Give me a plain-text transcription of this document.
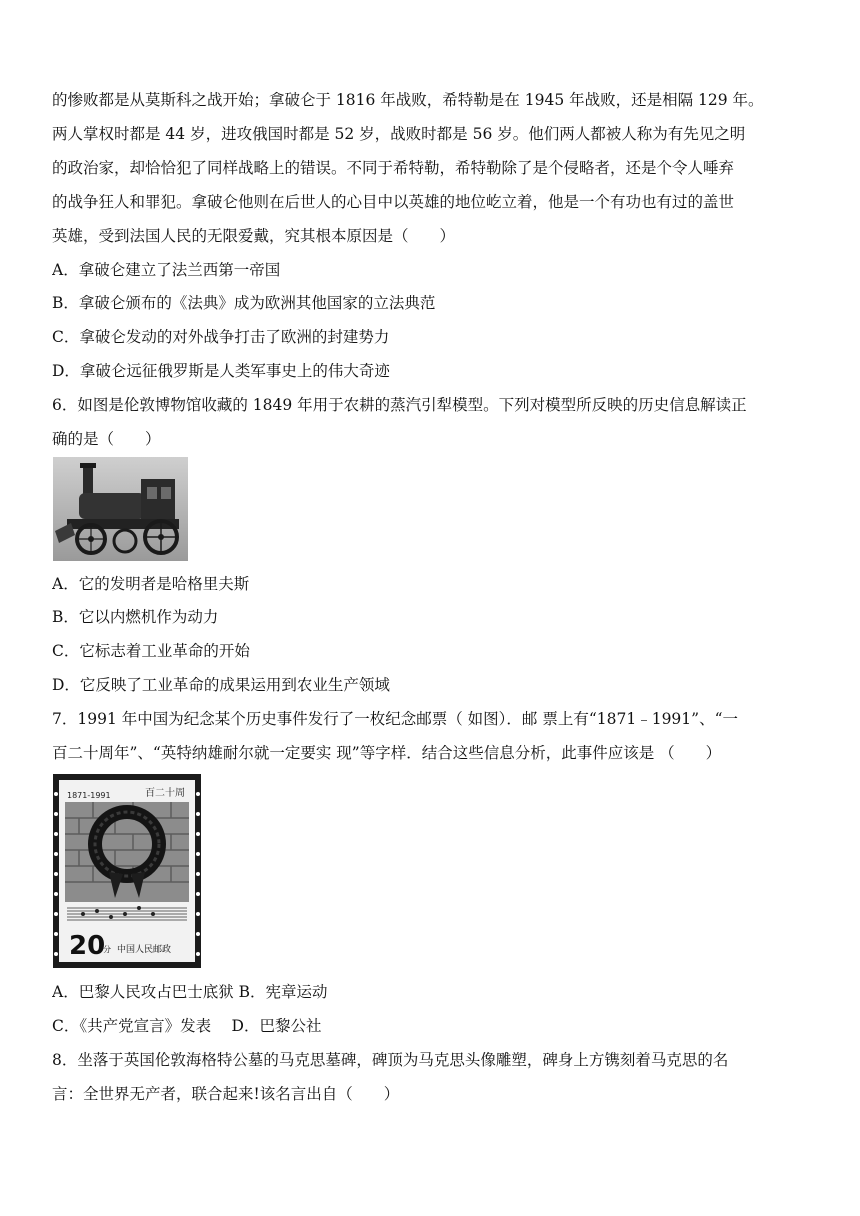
的惨败都是从莫斯科之战开始；拿破仑于 1816 年战败，希特勒是在 1945 年战败，还是相隔 129 年。
两人掌权时都是 44 岁，进攻俄国时都是 52 岁，战败时都是 56 岁。他们两人都被人称为有先见之明
的政治家，却恰恰犯了同样战略上的错误。不同于希特勒，希特勒除了是个侵略者，还是个令人唾弃
的战争狂人和罪犯。拿破仑他则在后世人的心目中以英雄的地位屹立着，他是一个有功也有过的盖世
英雄，受到法国人民的无限爱戴，究其根本原因是（　　）
A．拿破仑建立了法兰西第一帝国
B．拿破仑颁布的《法典》成为欧洲其他国家的立法典范
C．拿破仑发动的对外战争打击了欧洲的封建势力
D．拿破仑远征俄罗斯是人类军事史上的伟大奇迹
6．如图是伦敦博物馆收藏的 1849 年用于农耕的蒸汽引犁模型。下列对模型所反映的历史信息解读正
确的是（　　）
A．它的发明者是哈格里夫斯
B．它以内燃机作为动力
C．它标志着工业革命的开始
D．它反映了工业革命的成果运用到农业生产领域
7．1991 年中国为纪念某个历史事件发行了一枚纪念邮票（ 如图）．邮 票上有“1871﹣1991”、“一
百二十周年”、“英特纳雄耐尔就一定要实 现”等字样．结合这些信息分析，此事件应该是 （　　）
1871-1991	百二十周
20
分 中国人民邮政
A．巴黎人民攻占巴士底狱 B．宪章运动
C．《共产党宣言》发表　 D．巴黎公社
8．坐落于英国伦敦海格特公墓的马克思墓碑，碑顶为马克思头像雕塑，碑身上方镌刻着马克思的名
言：全世界无产者，联合起来!该名言出自（　　）
